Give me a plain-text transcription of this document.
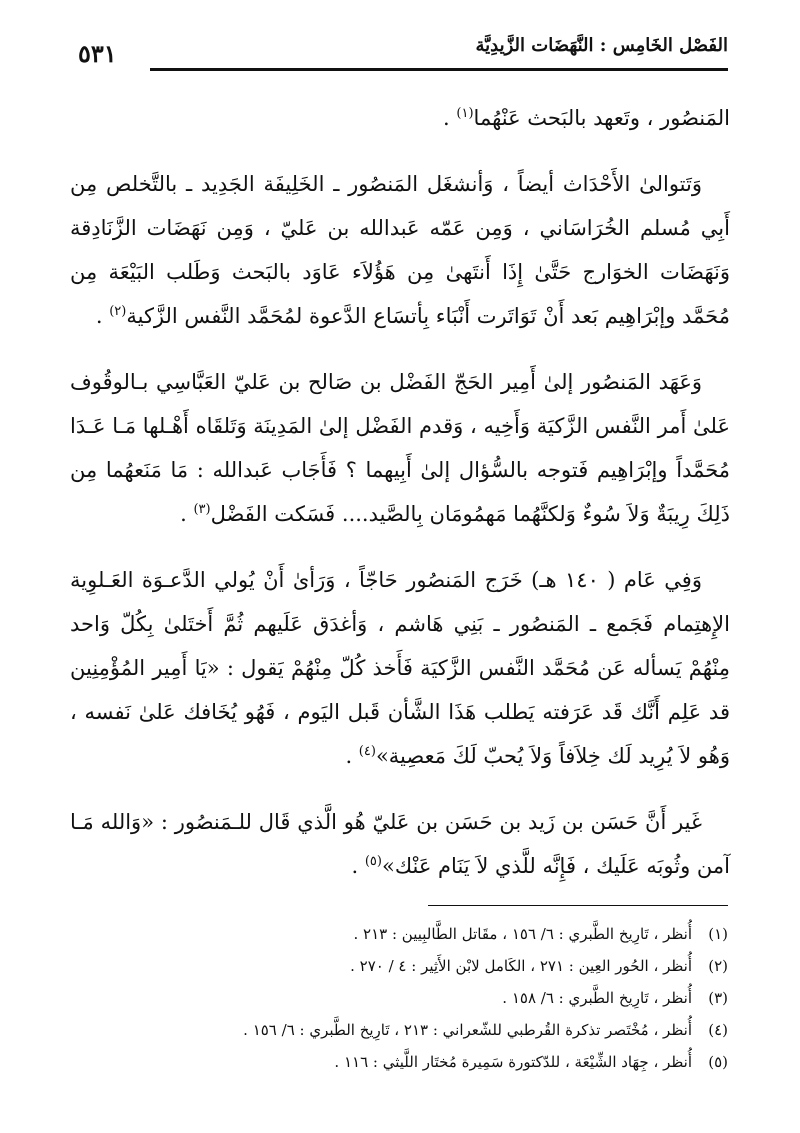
الفَصْل الخَامِس : النَّهَضَات الزَّيدِيَّة
٥٣١

المَنصُور ، وتَعهد بالبَحث عَنْهُما$^{(١)}$ .

وَتَتوالىٰ الأَحْدَاث أيضاً ، وَأنشغَل المَنصُور ـ الخَلِيفَة الجَدِيد ـ بالتَّخلص مِن أَبِي مُسلم الخُرَاسَاني ، وَمِن عَمّه عَبدالله بن عَليّ ، وَمِن نَهَضَات الزَّنَادِقة وَنَهَضَات الخوَارج حَتَّىٰ إِذَا أَنتَهىٰ مِن هَؤُلاَء عَاوَد بالبَحث وَطَلب البَيْعَة مِن مُحَمَّد وإبْرَاهِيم بَعد أَنْ تَوَاتَرت أَنْبَاء بِأتسَاع الدَّعوة لمُحَمَّد النَّفس الزَّكية$^{(٢)}$ .

وَعَهَد المَنصُور إلىٰ أَمِير الحَجّ الفَضْل بن صَالح بن عَليّ العَبَّاسِي بـالوقُوف عَلىٰ أَمر النَّفس الزَّكيَة وَأَخِيه ، وَقدم الفَضْل إلىٰ المَدِينَة وَتَلقَاه أَهْـلها مَـا عَـدَا مُحَمَّداً وإبْرَاهِيم فَتوجه بالسُّؤال إلىٰ أَبِيهما ؟ فَأَجَاب عَبدالله : مَا مَنَعهُما مِن ذَلِكَ رِيبَةٌ وَلاَ سُوءٌ وَلكنَّهُما مَهمُومَان بِالصَّيد.... فَسَكت الفَضْل$^{(٣)}$ .

وَفِي عَام ( ١٤٠ هـ) خَرَج المَنصُور حَاجّاً ، وَرَأىٰ أَنْ يُولي الدَّعـوَة العَـلوِية الإِهتِمام فَجَمع ـ المَنصُور ـ بَنِي هَاشم ، وَأغدَق عَلَيهم ثُمَّ أَختَلىٰ بِكُلّ وَاحد مِنْهُمْ يَسأله عَن مُحَمَّد النَّفس الزَّكيَة فَأَخذ كُلّ مِنْهُمْ يَقول : «يَا أَمِير المُؤْمِنِين قد عَلِم أَنَّك قَد عَرَفته يَطلب هَذَا الشَّأن قَبل اليَوم ، فَهُو يُخَافك عَلىٰ نَفسه ، وَهُو لاَ يُرِيد لَك خِلاَفاً وَلاَ يُحبّ لَكَ مَعصِية»$^{(٤)}$ .

غَير أَنَّ حَسَن بن زَيد بن حَسَن بن عَليّ هُو الَّذي قَال للـمَنصُور : «وَالله مَـا آمن وثُوبَه عَلَيك ، فَإِنَّه للَّذي لاَ يَنَام عَنْك»$^{(٥)}$ .

(١)
أُنظر ، تَارِيخ الطَّبري : ٦/ ١٥٦ ، مقَاتل الطَّالبِيين : ٢١٣ .
(٢)
أُنظر ، الحُور العِين : ٢٧١ ، الكَامل لابْن الأَثِير : ٤ / ٢٧٠ .
(٣)
أُنظر ، تَارِيخ الطَّبري : ٦/ ١٥٨ .
(٤)
أُنظر ، مُخْتَصر تذكرة القُرطبي للشّعراني : ٢١٣ ، تَارِيخ الطَّبري : ٦/ ١٥٦ .
(٥)
أُنظر ، جِهَاد الشِّيْعَة ، للدّكتورة سَمِيرة مُختَار اللَّيثي : ١١٦ .
